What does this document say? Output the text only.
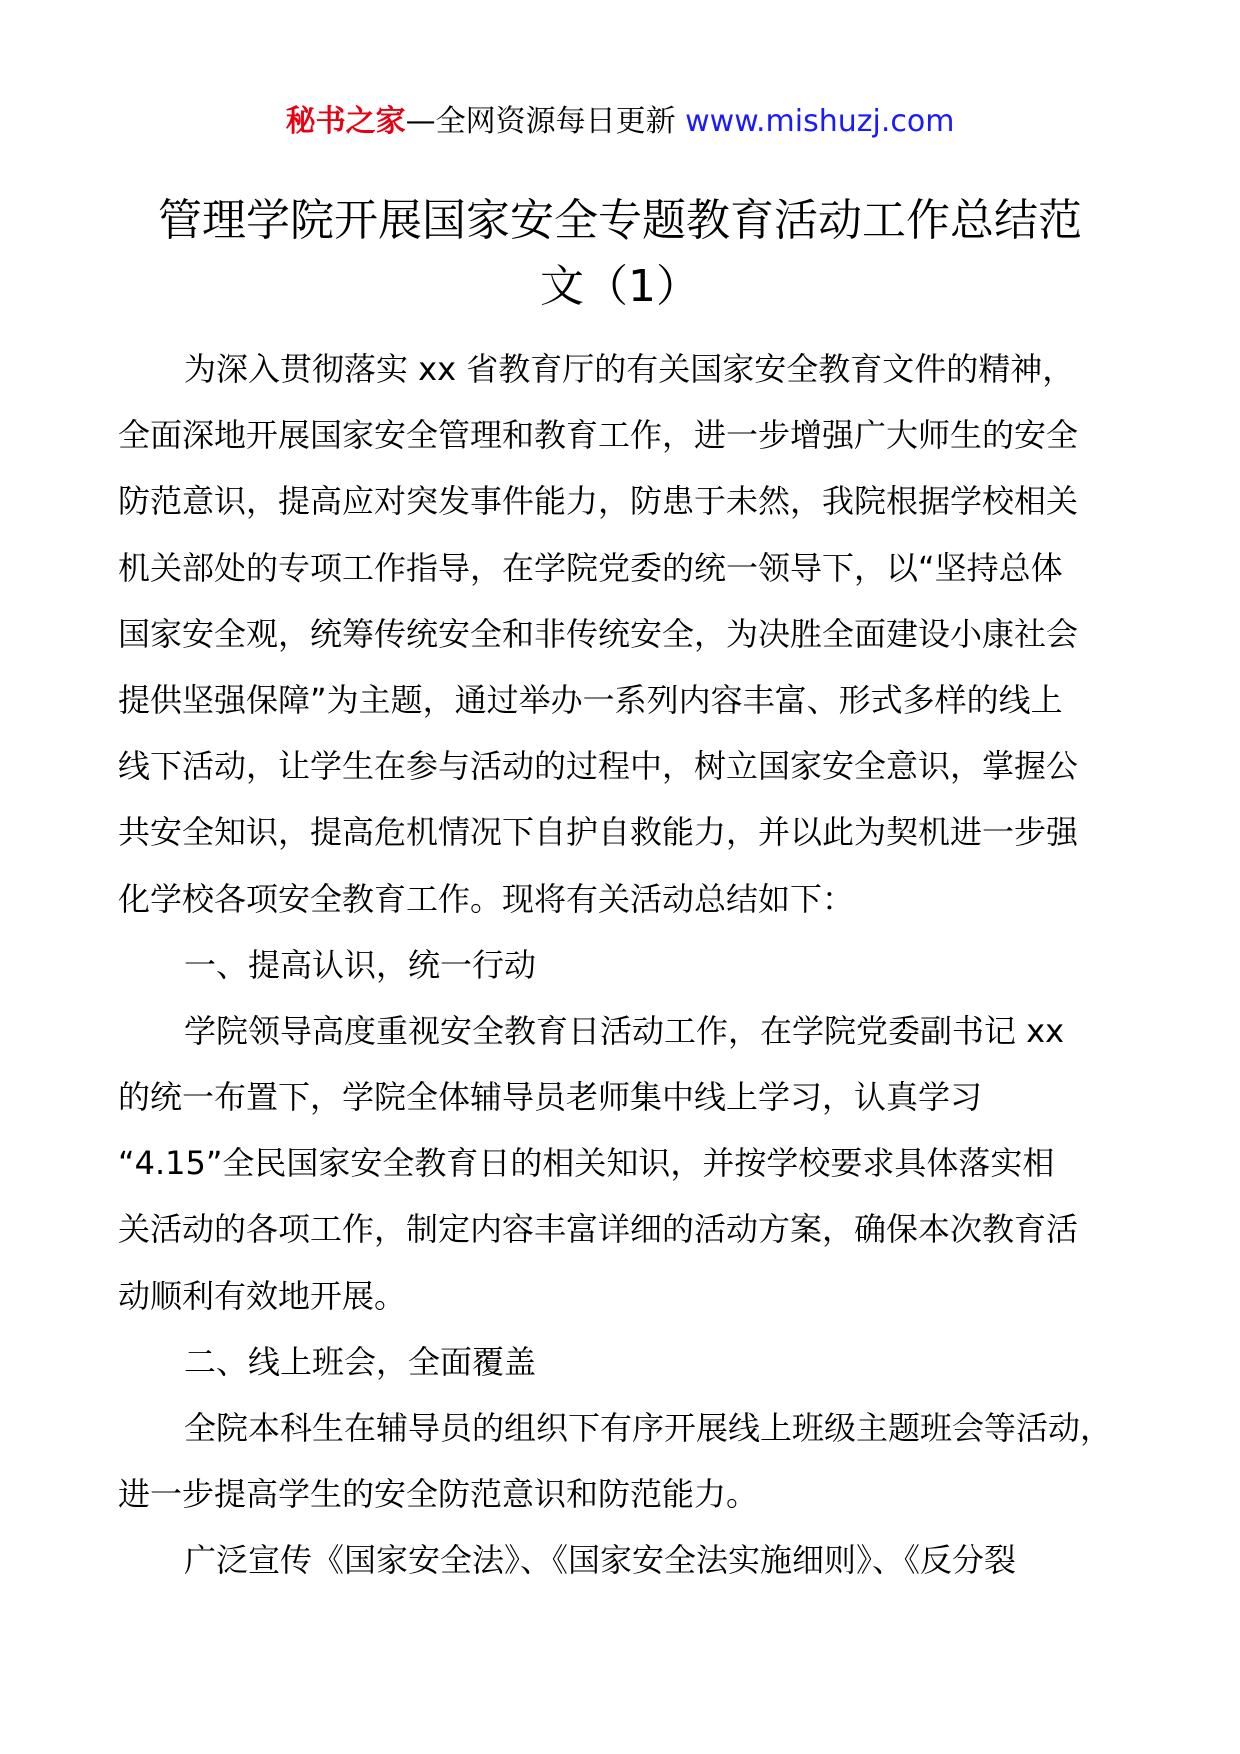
秘书之家—全网资源每日更新 www.mishuzj.com
管理学院开展国家安全专题教育活动工作总结范
文（1）
为深入贯彻落实 xx 省教育厅的有关国家安全教育文件的精神，
全面深地开展国家安全管理和教育工作，进一步增强广大师生的安全
防范意识，提高应对突发事件能力，防患于未然，我院根据学校相关
机关部处的专项工作指导，在学院党委的统一领导下，以“坚持总体
国家安全观，统筹传统安全和非传统安全，为决胜全面建设小康社会
提供坚强保障”为主题，通过举办一系列内容丰富、形式多样的线上
线下活动，让学生在参与活动的过程中，树立国家安全意识，掌握公
共安全知识，提高危机情况下自护自救能力，并以此为契机进一步强
化学校各项安全教育工作。现将有关活动总结如下：
一、提高认识，统一行动
学院领导高度重视安全教育日活动工作，在学院党委副书记 xx
的统一布置下，学院全体辅导员老师集中线上学习，认真学习
“4.15”全民国家安全教育日的相关知识，并按学校要求具体落实相
关活动的各项工作，制定内容丰富详细的活动方案，确保本次教育活
动顺利有效地开展。
二、线上班会，全面覆盖
全院本科生在辅导员的组织下有序开展线上班级主题班会等活动，
进一步提高学生的安全防范意识和防范能力。
广泛宣传《国家安全法》、《国家安全法实施细则》、《反分裂
